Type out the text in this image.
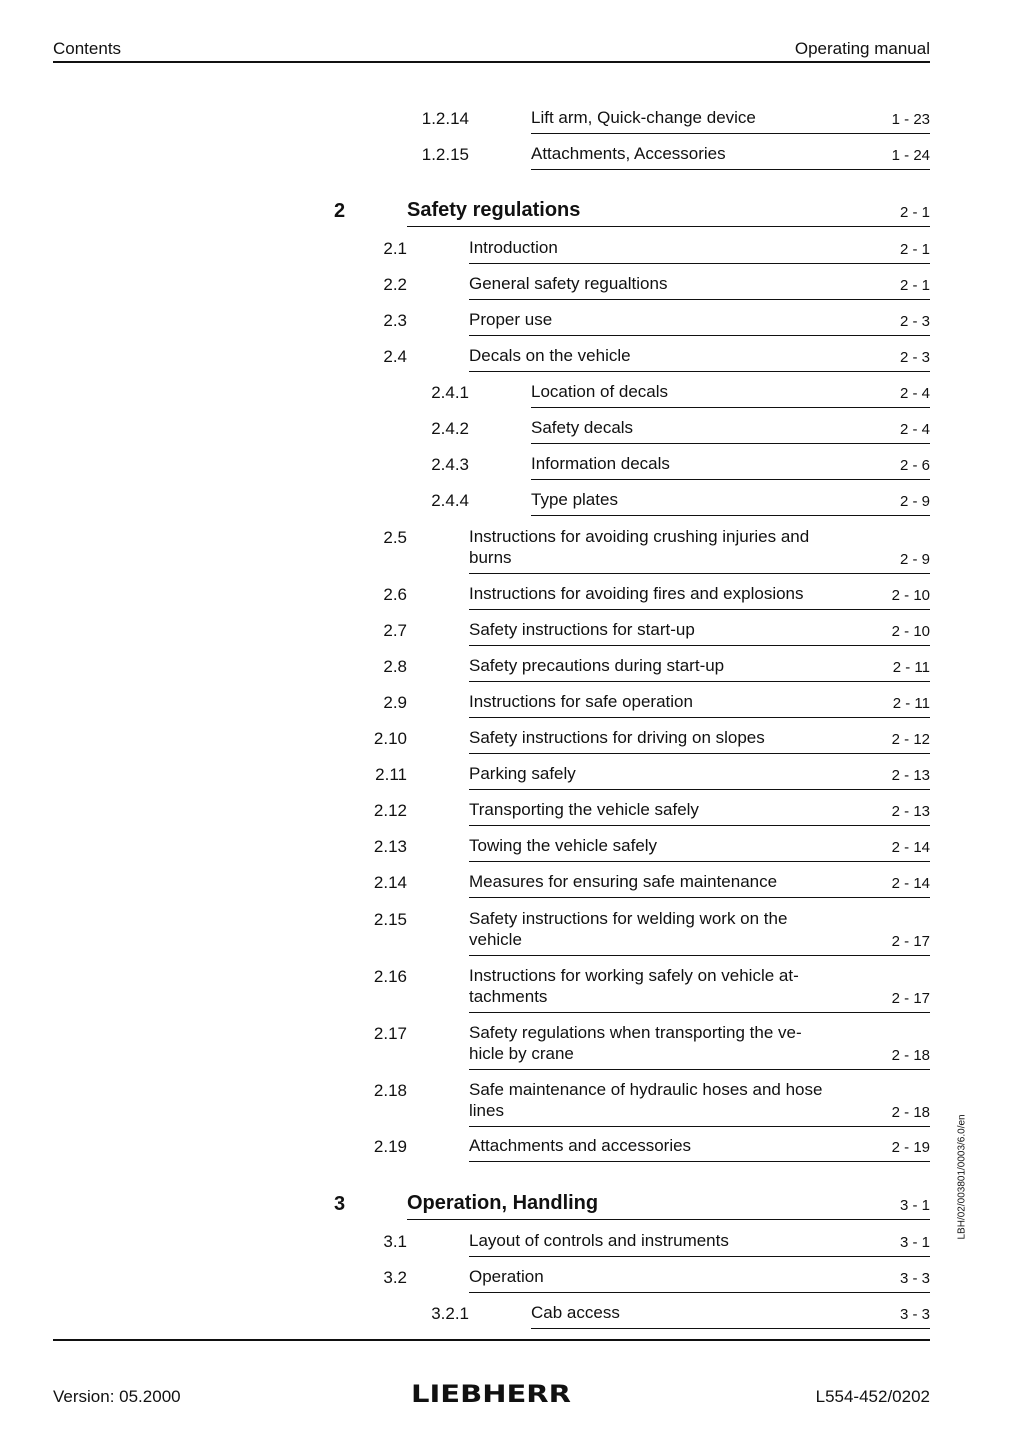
Contents	Operating manual
1.2.14	Lift arm, Quick-change device	1 - 23
1.2.15	Attachments, Accessories	1 - 24
2	Safety regulations	2 - 1
2.1	Introduction	2 - 1
2.2	General safety regualtions	2 - 1
2.3	Proper use	2 - 3
2.4	Decals on the vehicle	2 - 3
2.4.1	Location of decals	2 - 4
2.4.2	Safety decals	2 - 4
2.4.3	Information decals	2 - 6
2.4.4	Type plates	2 - 9
2.5	Instructions for avoiding crushing injuries and
burns	2 - 9
2.6	Instructions for avoiding fires and explosions	2 - 10
2.7	Safety instructions for start-up	2 - 10
2.8	Safety precautions during start-up	2 - 11
2.9	Instructions for safe operation	2 - 11
2.10	Safety instructions for driving on slopes	2 - 12
2.11	Parking safely	2 - 13
2.12	Transporting the vehicle safely	2 - 13
2.13	Towing the vehicle safely	2 - 14
2.14	Measures for ensuring safe maintenance	2 - 14
2.15	Safety instructions for welding work on the
vehicle	2 - 17
2.16	Instructions for working safely on vehicle at-
tachments	2 - 17
2.17	Safety regulations when transporting the ve-
hicle by crane	2 - 18
2.18	Safe maintenance of hydraulic hoses and hose
lines	2 - 18
2.19	Attachments and accessories	2 - 19
3	Operation, Handling	3 - 1
3.1	Layout of controls and instruments	3 - 1
3.2	Operation	3 - 3
3.2.1	Cab access	3 - 3
LBH/02/003801/0003/6.0/en
Version: 05.2000	LIEBHERR	L554-452/0202
